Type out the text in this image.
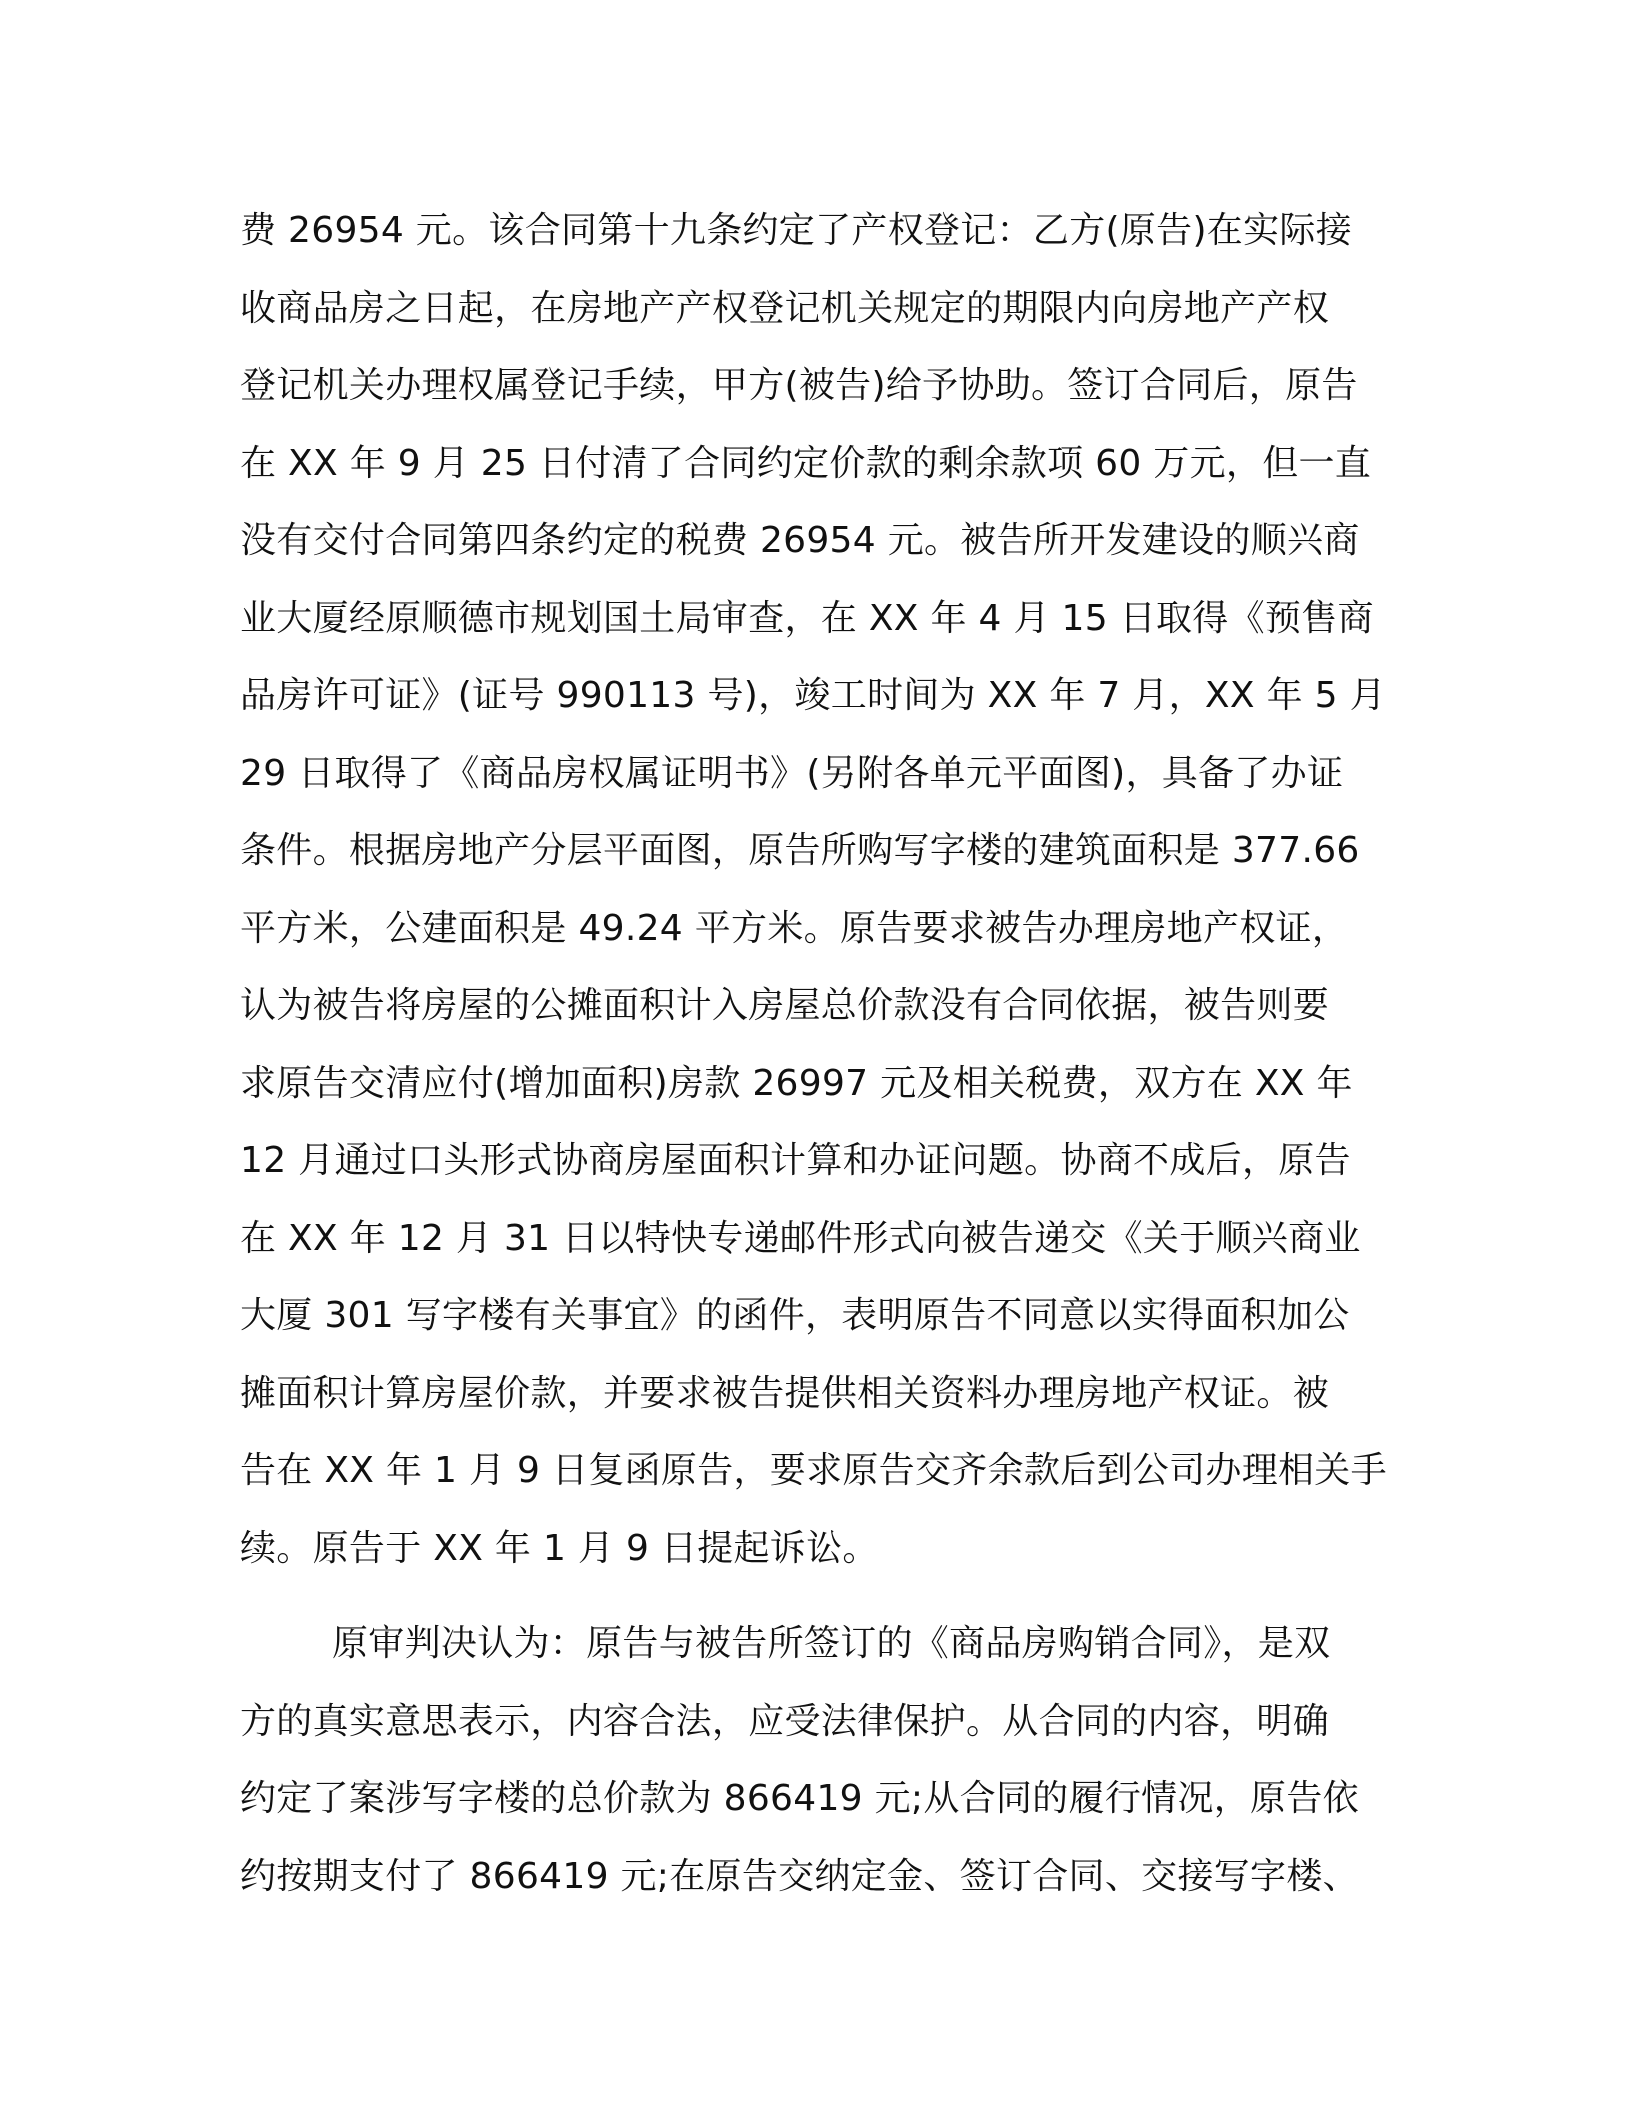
费 26954 元。该合同第十九条约定了产权登记：乙方(原告)在实际接
收商品房之日起，在房地产产权登记机关规定的期限内向房地产产权
登记机关办理权属登记手续，甲方(被告)给予协助。签订合同后，原告
在 XX 年 9 月 25 日付清了合同约定价款的剩余款项 60 万元，但一直
没有交付合同第四条约定的税费 26954 元。被告所开发建设的顺兴商
业大厦经原顺德市规划国土局审查，在 XX 年 4 月 15 日取得《预售商
品房许可证》(证号 990113 号)，竣工时间为 XX 年 7 月，XX 年 5 月
29 日取得了《商品房权属证明书》(另附各单元平面图)，具备了办证
条件。根据房地产分层平面图，原告所购写字楼的建筑面积是 377.66
平方米，公建面积是 49.24 平方米。原告要求被告办理房地产权证，
认为被告将房屋的公摊面积计入房屋总价款没有合同依据，被告则要
求原告交清应付(增加面积)房款 26997 元及相关税费，双方在 XX 年
12 月通过口头形式协商房屋面积计算和办证问题。协商不成后，原告
在 XX 年 12 月 31 日以特快专递邮件形式向被告递交《关于顺兴商业
大厦 301 写字楼有关事宜》的函件，表明原告不同意以实得面积加公
摊面积计算房屋价款，并要求被告提供相关资料办理房地产权证。被
告在 XX 年 1 月 9 日复函原告，要求原告交齐余款后到公司办理相关手
续。原告于 XX 年 1 月 9 日提起诉讼。
原审判决认为：原告与被告所签订的《商品房购销合同》，是双
方的真实意思表示，内容合法，应受法律保护。从合同的内容，明确
约定了案涉写字楼的总价款为 866419 元;从合同的履行情况，原告依
约按期支付了 866419 元;在原告交纳定金、签订合同、交接写字楼、
